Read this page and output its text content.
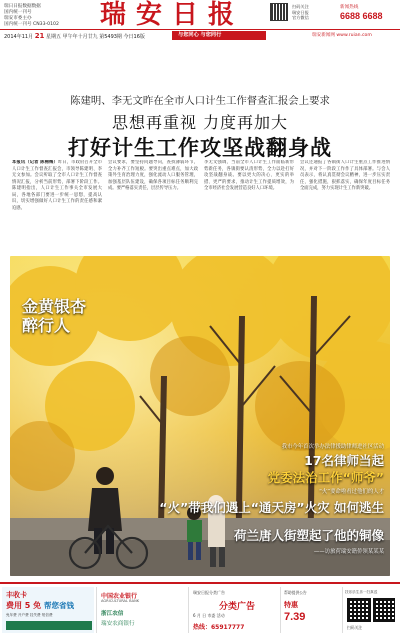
瑞日日报数据数据
国内统一刊号
瑞安市委主办
国内统一刊号 CN33-0102	瑞安日报	扫码关注
瑞安日报
官方微信
新闻热线
6688 6688
2014年11月 21 星期五 甲午年十月廿九 第5493期 今日16版	与您同心 与您同行	瑞安新闻网 www.ruian.com
陈建明、李无文昨在全市人口计生工作督查汇报会上要求
思想再重视 力度再加大
打好计生工作攻坚战翻身战
本报讯（记者 陈棉梅）昨日，市政府召开全市人口计生工作督查汇报会，市领导陈建明、李无文参加。会议听取了全市人口计生工作督查情况汇报，分析当前形势，部署下阶段工作。陈建明指出，人口计生工作事关全市发展大局，各地各部门要进一步统一思想，提高认识，切实增强做好人口计生工作的责任感和紧迫感。
会议要求，要坚持问题导向，查找薄弱环节，全力补齐工作短板。要突出重点难点，加大政策外生育治理力度，强化流动人口服务管理，加强基层队伍建设，确保各项目标任务顺利完成。要严格落实责任，层层传导压力。
李无文强调，当前全市人口计生工作面临新形势新任务，各镇街要认清形势，全力以赴打好攻坚战翻身战。要以更大的决心、更实的举措、更严的要求，推动计生工作提质增效，为全市经济社会发展营造良好人口环境。
会议还通报了各镇街人口计生重点工作推进情况，并对下一阶段工作作了具体部署。与会人员表示，将认真贯彻会议精神，进一步压实责任，强化措施，狠抓落实，确保年度目标任务全面完成，努力实现计生工作新突破。
金黄银杏
醉行人
我市今年首次举办法律援助律师进社区活动
17名律师当起
党委法治工作“师爷”
“火”要命啦看过他们的人才
“火”带我们遇上“通天房”火灾 如何逃生
荷兰唐人街塑起了他的铜像
——访旅荷瑞安籍侨领某某某
丰收卡
费用 5 免 帮您省钱
免年费 开户费 挂失费 短信费
中国农业银行
AGRICULTURAL BANK
浙江农信
瑞安农商银行
瑞安日报分类广告
分类广告
6 月 日 市委 活动
热线：65917777
帮助提供公告
特惠
7.39
扶乐乐生乐一扫真送
扫码关注
